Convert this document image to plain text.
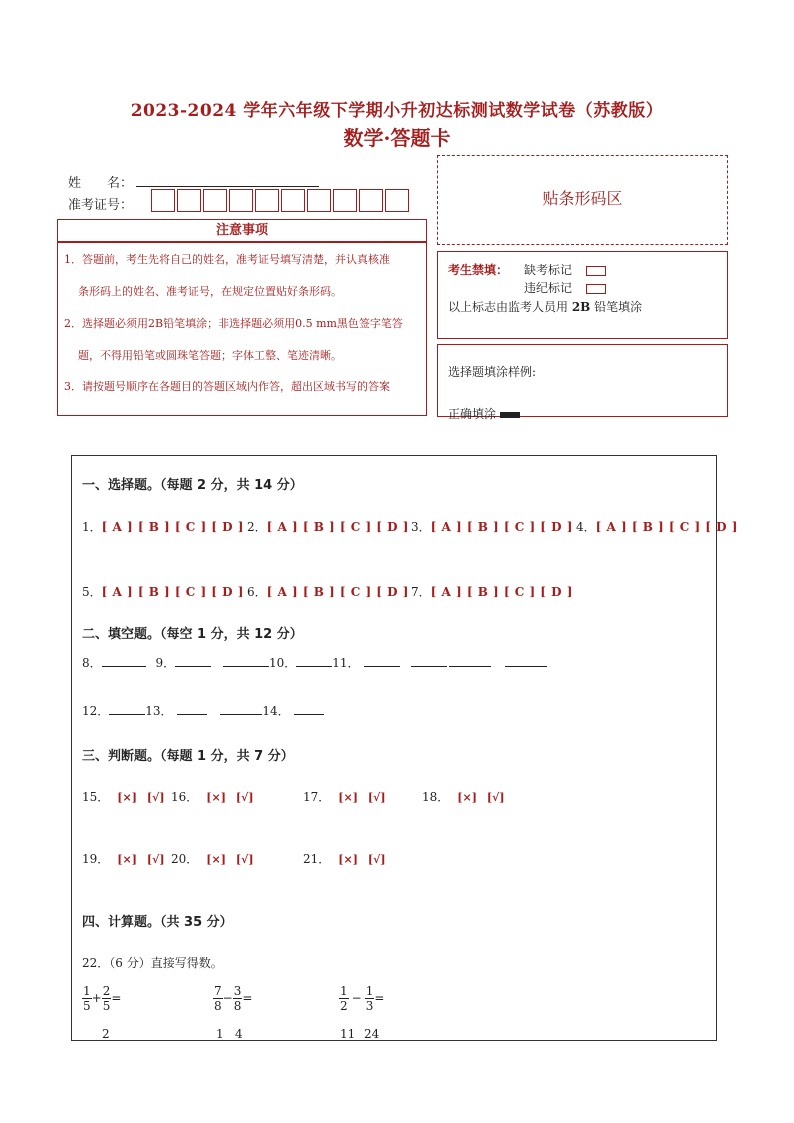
2023-2024 学年六年级下学期小升初达标测试数学试卷（苏教版）
数学·答题卡
姓　　名：
准考证号：	贴条形码区
注意事项
1．答题前，考生先将自己的姓名，准考证号填写清楚，并认真核准
条形码上的姓名、准考证号，在规定位置贴好条形码。
2．选择题必须用2B铅笔填涂；非选择题必须用0.5 mm黑色签字笔答
题，不得用铅笔或圆珠笔答题；字体工整、笔迹清晰。
3．请按题号顺序在各题目的答题区域内作答，超出区域书写的答案
考生禁填： 缺考标记
违纪标记
以上标志由监考人员用 2B 铅笔填涂
选择题填涂样例:
正确填涂
一、选择题。（每题 2 分，共 14 分）
1．[ A ] [ B ] [ C ] [ D ] 2．[ A ] [ B ] [ C ] [ D ] 3．[ A ] [ B ] [ C ] [ D ] 4．[ A ] [ B ] [ C ] [ D ]
5．[ A ] [ B ] [ C ] [ D ] 6．[ A ] [ B ] [ C ] [ D ] 7．[ A ] [ B ] [ C ] [ D ]
二、填空题。（每空 1 分，共 12 分）
8．	9．	10．	11．
12．	13．	14．
三、判断题。（每题 1 分，共 7 分）
15． [×] [√] 16． [×] [√]	17． [×] [√]	18． [×] [√]
19． [×] [√] 20． [×] [√]	21． [×] [√]
四、计算题。（共 35 分）
22．（6 分）直接写得数。
$\frac{1}{5} + \frac{2}{5}$ =	$\frac{7}{8} - \frac{3}{8}$ =	$\frac{1}{2} - \frac{1}{3}$ =
2	1 4	11 24
